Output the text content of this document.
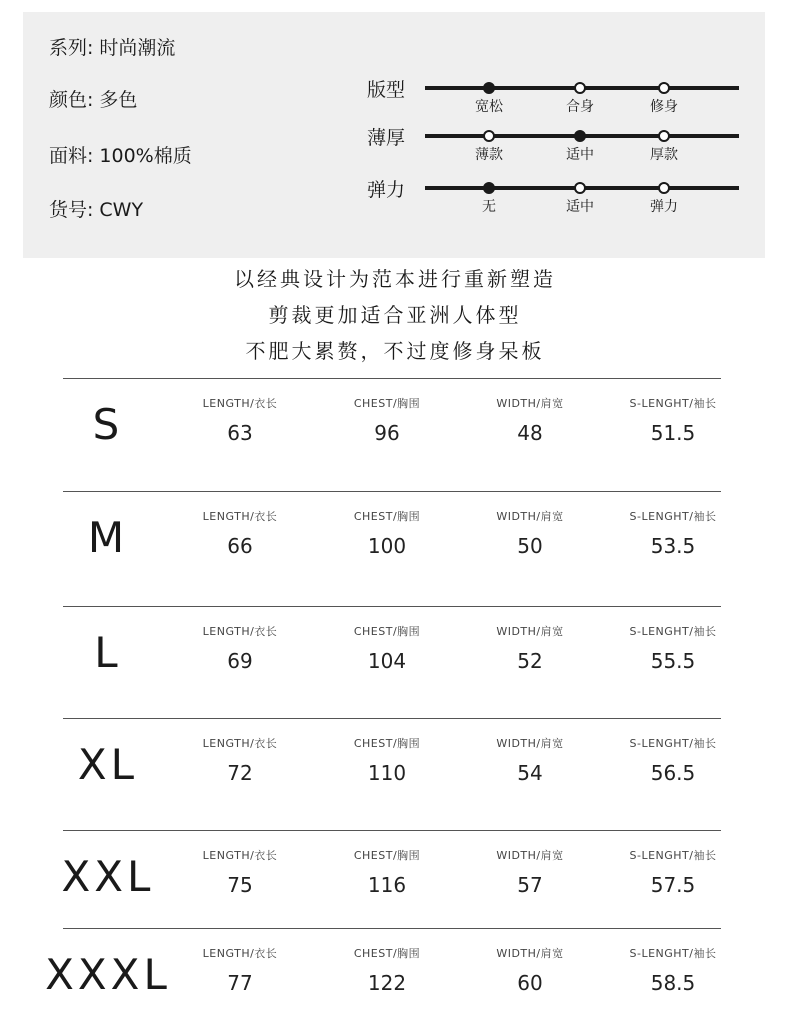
系列: 时尚潮流
颜色: 多色
面料: 100%棉质
货号: CWY
版型
宽松	合身	修身
薄厚
薄款	适中	厚款
弹力
无	适中	弹力
以经典设计为范本进行重新塑造
剪裁更加适合亚洲人体型
不肥大累赘，不过度修身呆板
S	LENGTH/衣长
63
CHEST/胸围
96
WIDTH/肩宽
48
S-LENGHT/袖长
51.5
M	LENGTH/衣长
66
CHEST/胸围
100
WIDTH/肩宽
50
S-LENGHT/袖长
53.5
L	LENGTH/衣长
69
CHEST/胸围
104
WIDTH/肩宽
52
S-LENGHT/袖长
55.5
XL	LENGTH/衣长
72
CHEST/胸围
110
WIDTH/肩宽
54
S-LENGHT/袖长
56.5
XXL	LENGTH/衣长
75
CHEST/胸围
116
WIDTH/肩宽
57
S-LENGHT/袖长
57.5
XXXL	LENGTH/衣长
77
CHEST/胸围
122
WIDTH/肩宽
60
S-LENGHT/袖长
58.5
